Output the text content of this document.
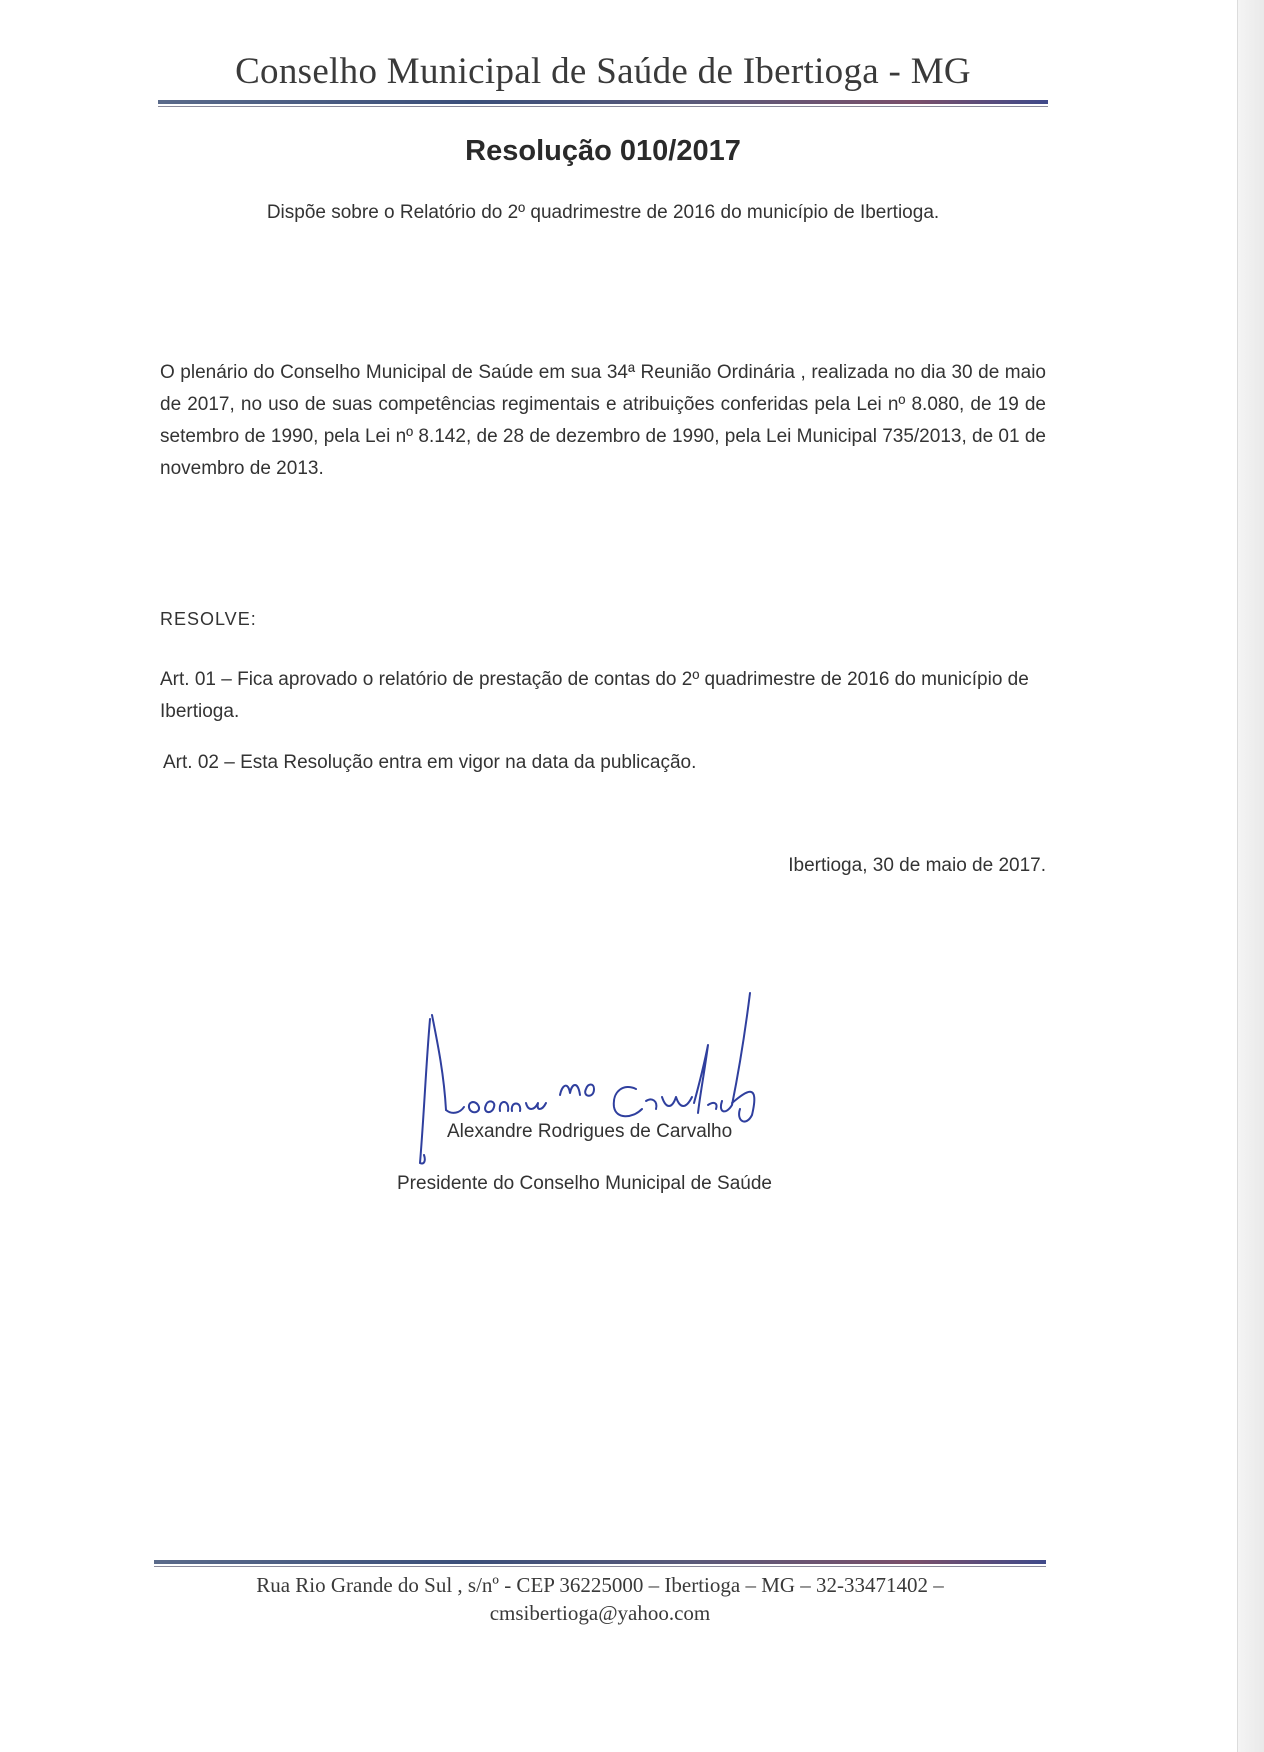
Conselho Municipal de Saúde de Ibertioga - MG
Resolução 010/2017
Dispõe sobre o Relatório do 2º quadrimestre de 2016 do município de Ibertioga.
O plenário do Conselho Municipal de Saúde em sua 34ª Reunião Ordinária , realizada no dia 30 de maio de 2017, no uso de suas competências regimentais e atribuições conferidas pela Lei nº 8.080, de 19 de setembro de 1990, pela Lei nº 8.142, de 28 de dezembro de 1990, pela Lei Municipal 735/2013, de 01 de novembro de 2013.
RESOLVE:
Art. 01 – Fica aprovado o relatório de prestação de contas do 2º quadrimestre de 2016 do município de Ibertioga.
Art. 02 – Esta Resolução entra em vigor na data da publicação.
Ibertioga, 30 de maio de 2017.
Alexandre Rodrigues de Carvalho
Presidente do Conselho Municipal de Saúde
Rua Rio Grande do Sul , s/nº - CEP 36225000 – Ibertioga – MG – 32-33471402 –
cmsibertioga@yahoo.com
